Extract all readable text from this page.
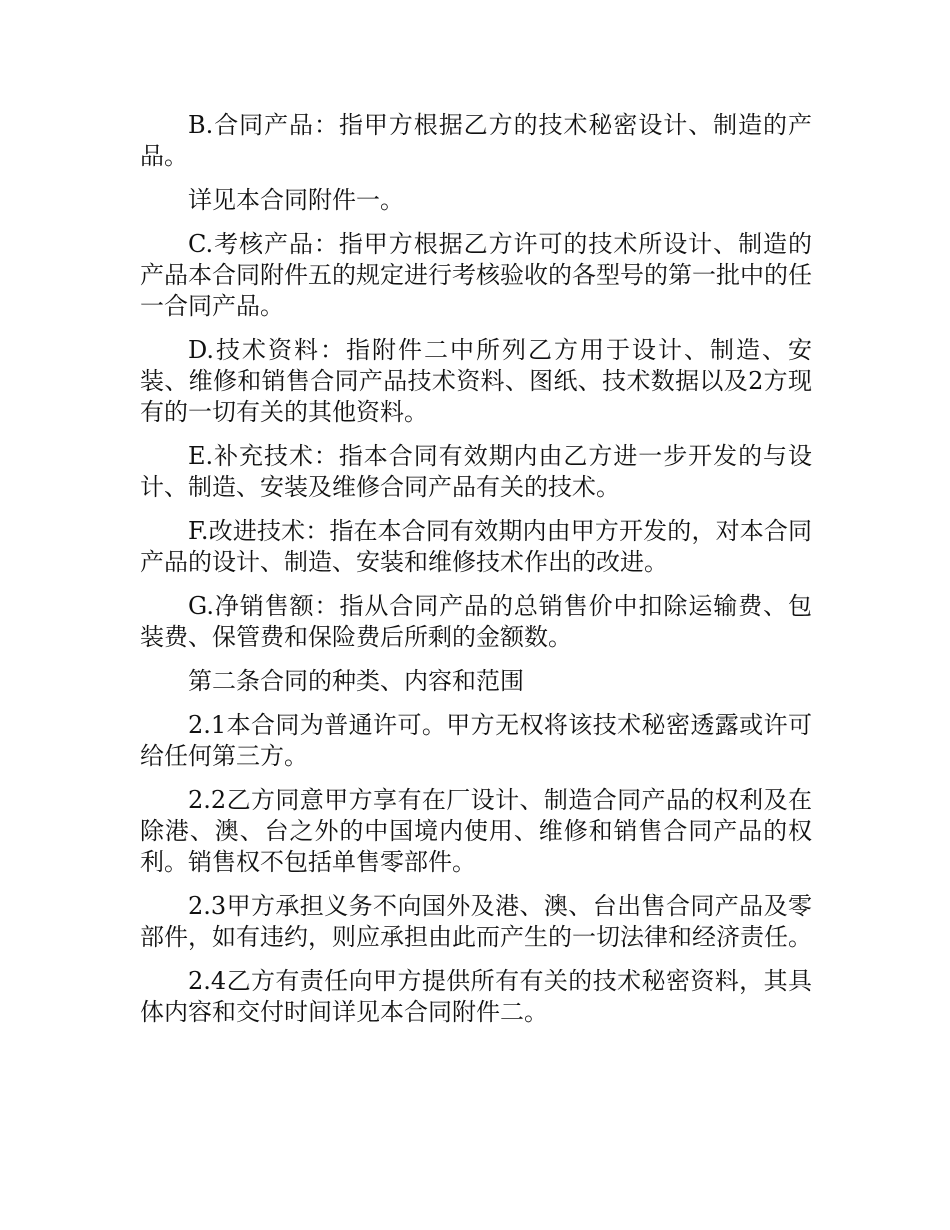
B.合同产品：指甲方根据乙方的技术秘密设计、制造的产品。

详见本合同附件一。

C.考核产品：指甲方根据乙方许可的技术所设计、制造的产品本合同附件五的规定进行考核验收的各型号的第一批中的任一合同产品。

D.技术资料：指附件二中所列乙方用于设计、制造、安装、维修和销售合同产品技术资料、图纸、技术数据以及2方现有的一切有关的其他资料。

E.补充技术：指本合同有效期内由乙方进一步开发的与设计、制造、安装及维修合同产品有关的技术。

F.改进技术：指在本合同有效期内由甲方开发的，对本合同产品的设计、制造、安装和维修技术作出的改进。

G.净销售额：指从合同产品的总销售价中扣除运输费、包装费、保管费和保险费后所剩的金额数。

第二条合同的种类、内容和范围

2.1本合同为普通许可。甲方无权将该技术秘密透露或许可给任何第三方。

2.2乙方同意甲方享有在厂设计、制造合同产品的权利及在除港、澳、台之外的中国境内使用、维修和销售合同产品的权利。销售权不包括单售零部件。

2.3甲方承担义务不向国外及港、澳、台出售合同产品及零部件，如有违约，则应承担由此而产生的一切法律和经济责任。

2.4乙方有责任向甲方提供所有有关的技术秘密资料，其具体内容和交付时间详见本合同附件二。
